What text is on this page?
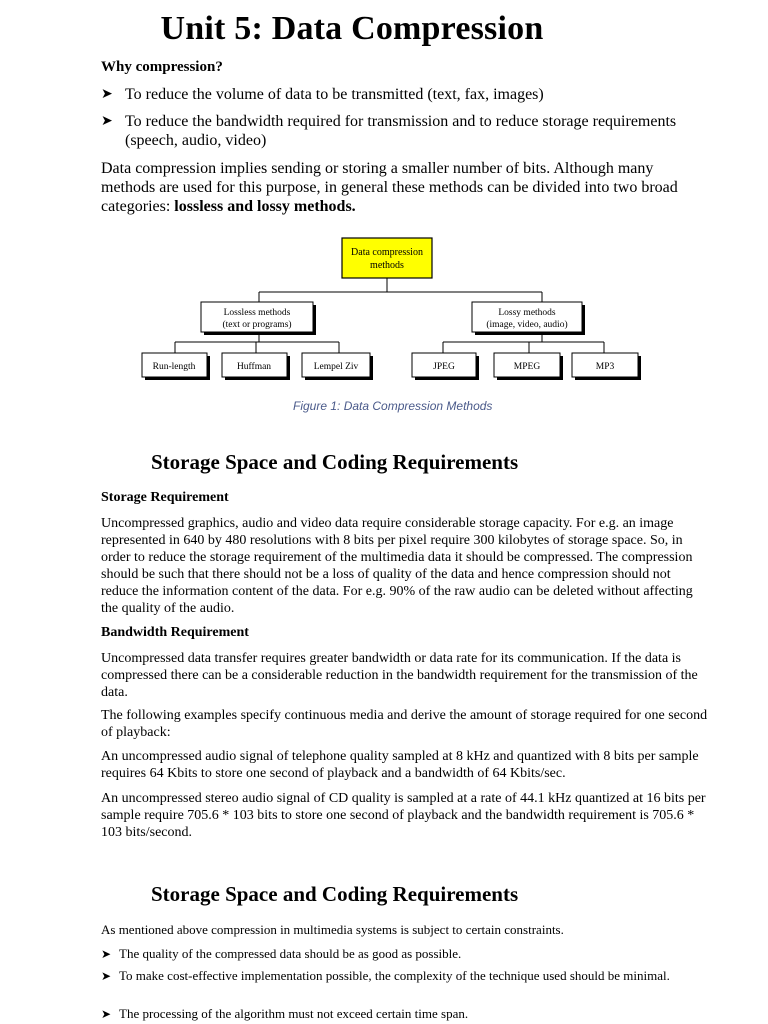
Unit 5: Data Compression
Why compression?
➤ To reduce the volume of data to be transmitted (text, fax, images)
➤ To reduce the bandwidth required for transmission and to reduce storage requirements (speech, audio, video)
Data compression implies sending or storing a smaller number of bits. Although many methods are used for this purpose, in general these methods can be divided into two broad categories: lossless and lossy methods.
Data compression
methods
Lossless methods
(text or programs)
Lossy methods
(image, video, audio)
Run-length	Huffman	Lempel Ziv	JPEG	MPEG	MP3
Figure 1: Data Compression Methods
Storage Space and Coding Requirements
Storage Requirement
Uncompressed graphics, audio and video data require considerable storage capacity. For e.g. an image represented in 640 by 480 resolutions with 8 bits per pixel require 300 kilobytes of storage space. So, in order to reduce the storage requirement of the multimedia data it should be compressed. The compression should be such that there should not be a loss of quality of the data and hence compression should not reduce the information content of the data. For e.g. 90% of the raw audio can be deleted without affecting the quality of the audio.
Bandwidth Requirement
Uncompressed data transfer requires greater bandwidth or data rate for its communication. If the data is compressed there can be a considerable reduction in the bandwidth requirement for the transmission of the data.
The following examples specify continuous media and derive the amount of storage required for one second of playback:
An uncompressed audio signal of telephone quality sampled at 8 kHz and quantized with 8 bits per sample requires 64 Kbits to store one second of playback and a bandwidth of 64 Kbits/sec.
An uncompressed stereo audio signal of CD quality is sampled at a rate of 44.1 kHz quantized at 16 bits per sample require 705.6 * 103 bits to store one second of playback and the bandwidth requirement is 705.6 * 103 bits/second.
Storage Space and Coding Requirements
As mentioned above compression in multimedia systems is subject to certain constraints.
➤ The quality of the compressed data should be as good as possible.
➤ To make cost-effective implementation possible, the complexity of the technique used should be minimal.
➤ The processing of the algorithm must not exceed certain time span.
